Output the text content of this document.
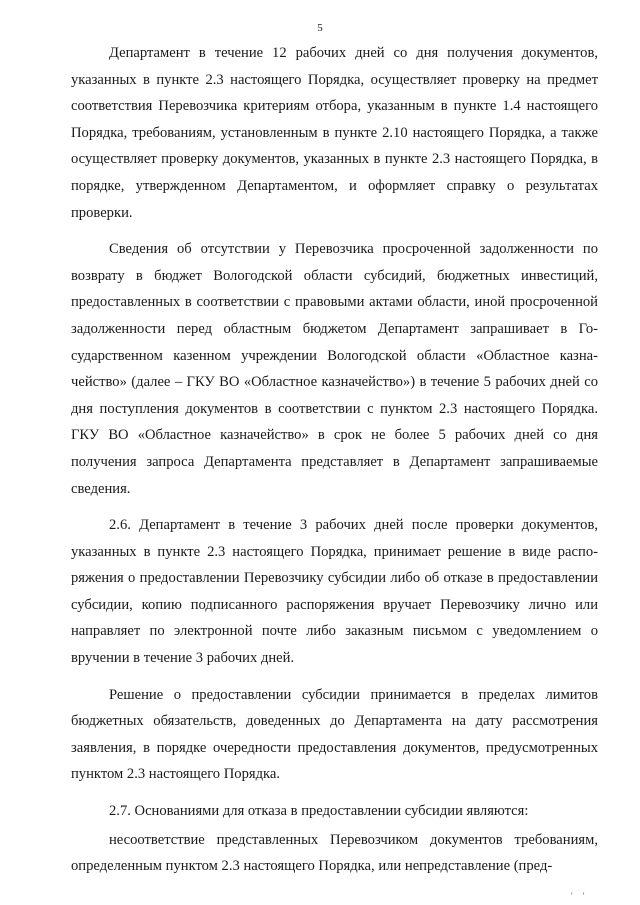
5

Департамент в течение 12 рабочих дней со дня получения документов, указанных в пункте 2.3 настоящего Порядка, осуществляет проверку на предмет соответствия Перевозчика критериям отбора, указанным в пункте 1.4 настоящего Порядка, требованиям, установленным в пункте 2.10 настоящего Порядка, а также осуществляет проверку документов, указанных в пункте 2.3 настоящего Порядка, в порядке, утвержденном Департаментом, и оформляет справку о результатах проверки.

Сведения об отсутствии у Перевозчика просроченной задолженности по возврату в бюджет Вологодской области субсидий, бюджетных инвестиций, предоставленных в соответствии с правовыми актами области, иной просроченной задолженности перед областным бюджетом Департамент запрашивает в Государственном казенном учреждении Вологодской области «Областное казначейство» (далее – ГКУ ВО «Областное казначейство») в течение 5 рабочих дней со дня поступления документов в соответствии с пунктом 2.3 настоящего Порядка. ГКУ ВО «Областное казначейство» в срок не более 5 рабочих дней со дня получения запроса Департамента представляет в Департамент запрашиваемые сведения.

2.6. Департамент в течение 3 рабочих дней после проверки документов, указанных в пункте 2.3 настоящего Порядка, принимает решение в виде распоряжения о предоставлении Перевозчику субсидии либо об отказе в предоставлении субсидии, копию подписанного распоряжения вручает Перевозчику лично или направляет по электронной почте либо заказным письмом с уведомлением о вручении в течение 3 рабочих дней.

Решение о предоставлении субсидии принимается в пределах лимитов бюджетных обязательств, доведенных до Департамента на дату рассмотрения заявления, в порядке очередности предоставления документов, предусмотренных пунктом 2.3 настоящего Порядка.

2.7. Основаниями для отказа в предоставлении субсидии являются:

несоответствие представленных Перевозчиком документов требованиям, определенным пунктом 2.3 настоящего Порядка, или непредставление (пред-

' '
